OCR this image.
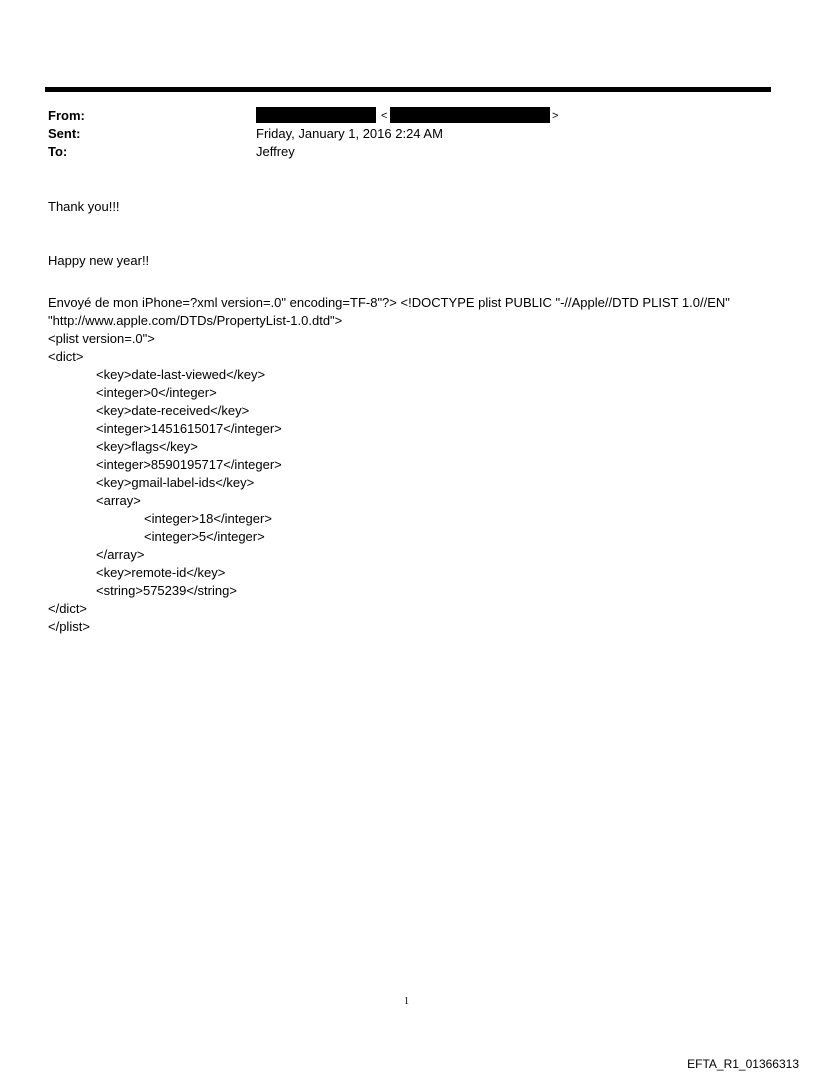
From:
Sent:
To:
<	>
Friday, January 1, 2016 2:24 AM
Jeffrey
Thank you!!!
Happy new year!!
Envoyé de mon iPhone=?xml version=.0" encoding=TF-8"?> <!DOCTYPE plist PUBLIC "-//Apple//DTD PLIST 1.0//EN"
"http://www.apple.com/DTDs/PropertyList-1.0.dtd">
<plist version=.0">
<dict>
<key>date-last-viewed</key>
<integer>0</integer>
<key>date-received</key>
<integer>1451615017</integer>
<key>flags</key>
<integer>8590195717</integer>
<key>gmail-label-ids</key>
<array>
<integer>18</integer>
<integer>5</integer>
</array>
<key>remote-id</key>
<string>575239</string>
</dict>
</plist>
1
EFTA_R1_01366313
